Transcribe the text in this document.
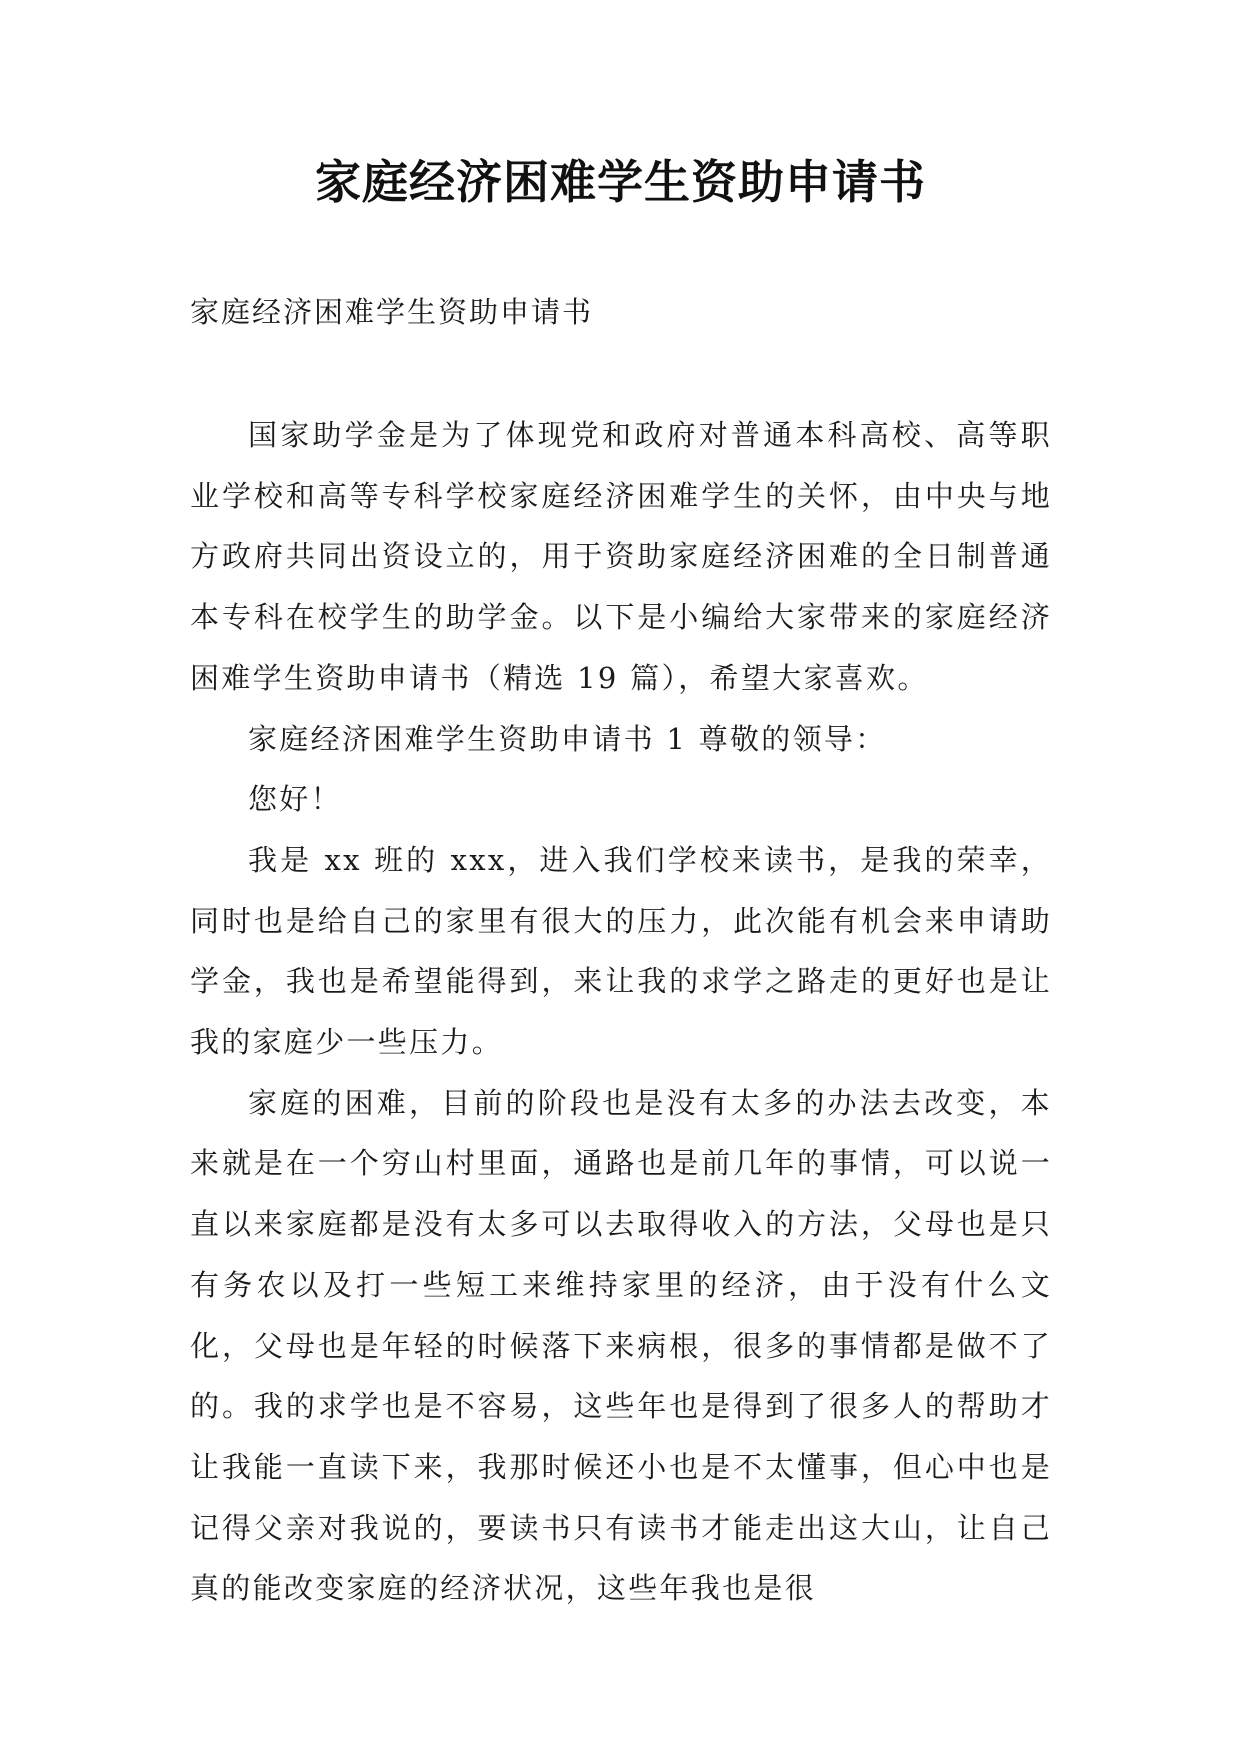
家庭经济困难学生资助申请书
家庭经济困难学生资助申请书

国家助学金是为了体现党和政府对普通本科高校、高等职业学校和高等专科学校家庭经济困难学生的关怀，由中央与地方政府共同出资设立的，用于资助家庭经济困难的全日制普通本专科在校学生的助学金。以下是小编给大家带来的家庭经济困难学生资助申请书（精选 19 篇），希望大家喜欢。

家庭经济困难学生资助申请书 1 尊敬的领导：

您好！

我是 xx 班的 xxx，进入我们学校来读书，是我的荣幸，同时也是给自己的家里有很大的压力，此次能有机会来申请助学金，我也是希望能得到，来让我的求学之路走的更好也是让我的家庭少一些压力。

家庭的困难，目前的阶段也是没有太多的办法去改变，本来就是在一个穷山村里面，通路也是前几年的事情，可以说一直以来家庭都是没有太多可以去取得收入的方法，父母也是只有务农以及打一些短工来维持家里的经济，由于没有什么文化，父母也是年轻的时候落下来病根，很多的事情都是做不了的。我的求学也是不容易，这些年也是得到了很多人的帮助才让我能一直读下来，我那时候还小也是不太懂事，但心中也是记得父亲对我说的，要读书只有读书才能走出这大山，让自己真的能改变家庭的经济状况，这些年我也是很
